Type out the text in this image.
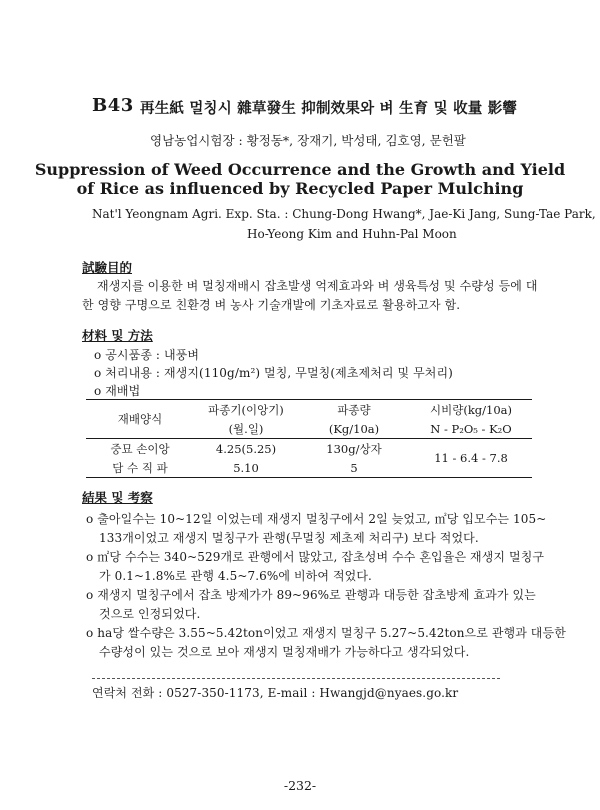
B43 再生紙 멀칭시 雜草發生 抑制效果와 벼 生育 및 收量 影響
영남농업시험장 : 황정동*, 장재기, 박성태, 김호영, 문헌팔
Suppression of Weed Occurrence and the Growth and Yield
of Rice as influenced by Recycled Paper Mulching
Nat'l Yeongnam Agri. Exp. Sta. : Chung-Dong Hwang*, Jae-Ki Jang, Sung-Tae Park,
Ho-Yeong Kim and Huhn-Pal Moon
試驗目的
재생지를 이용한 벼 멀칭재배시 잡초발생 억제효과와 벼 생육특성 및 수량성 등에 대
한 영향 구명으로 친환경 벼 농사 기술개발에 기초자료로 활용하고자 함.
材料 및 方法
o 공시품종 : 내풍벼
o 처리내용 : 재생지(110g/m²) 멀칭, 무멀칭(제초제처리 및 무처리)
o 재배법
재배양식	파종기(이앙기)	파종량	시비량(kg/10a)
	(월.일)	(Kg/10a)	N - P₂O₅ - K₂O
중묘 손이앙	4.25(5.25)	130g/상자	11 - 6.4 - 7.8
담 수 직 파	5.10	5	
結果 및 考察
o 출아일수는 10~12일 이었는데 재생지 멀칭구에서 2일 늦었고, ㎡당 입모수는 105~
133개이었고 재생지 멀칭구가 관행(무멀칭 제초제 처리구) 보다 적었다.
o ㎡당 수수는 340~529개로 관행에서 많았고, 잡초성벼 수수 혼입율은 재생지 멀칭구
가 0.1~1.8%로 관행 4.5~7.6%에 비하여 적었다.
o 재생지 멀칭구에서 잡초 방제가가 89~96%로 관행과 대등한 잡초방제 효과가 있는
것으로 인정되었다.
o ha당 쌀수량은 3.55~5.42ton이었고 재생지 멀칭구 5.27~5.42ton으로 관행과 대등한
수량성이 있는 것으로 보아 재생지 멀칭재배가 가능하다고 생각되었다.
연락처 전화 : 0527-350-1173, E-mail : Hwangjd@nyaes.go.kr
-232-
